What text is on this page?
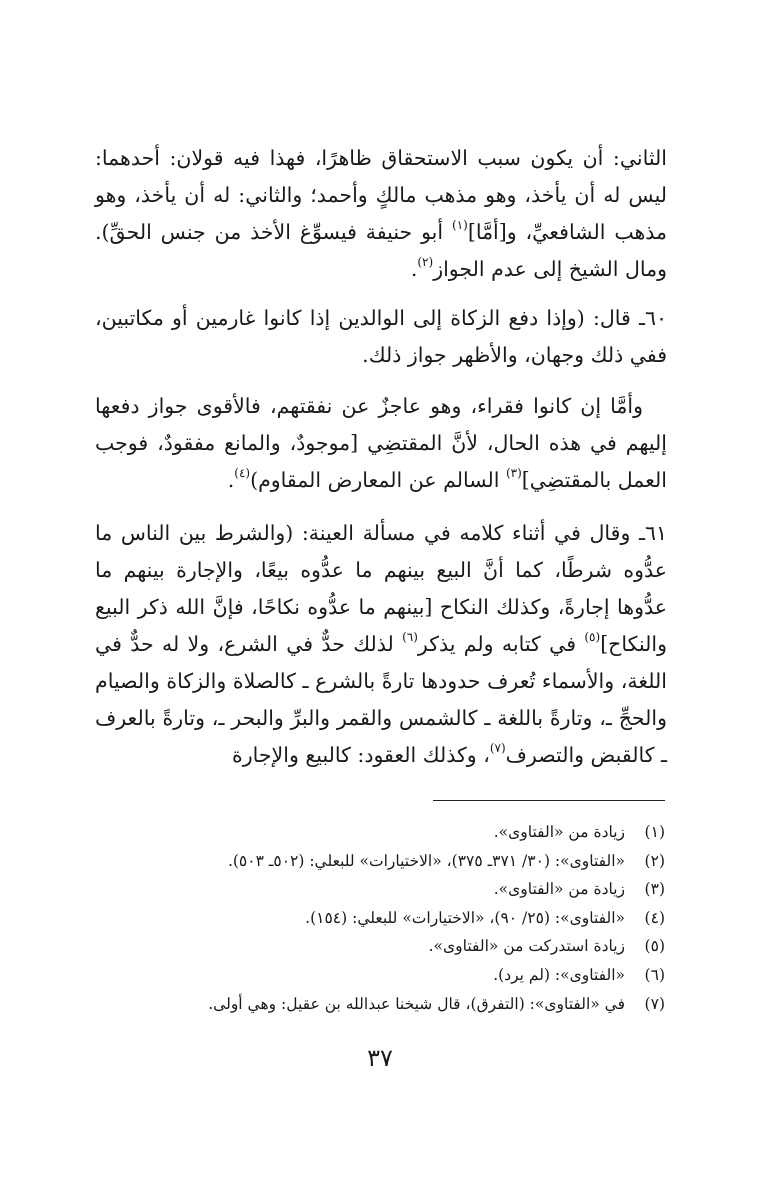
الثاني: أن يكون سبب الاستحقاق ظاهرًا، فهذا فيه قولان: أحدهما: ليس له أن يأخذ، وهو مذهب مالكٍ وأحمد؛ والثاني: له أن يأخذ، وهو مذهب الشافعيِّ، و[أمَّا]$^{(١)}$ أبو حنيفة فيسوِّغ الأخذ من جنس الحقِّ). ومال الشيخ إلى عدم الجواز$^{(٢)}$.

٦٠ـ قال: (وإذا دفع الزكاة إلى الوالدين إذا كانوا غارمين أو مكاتبين، ففي ذلك وجهان، والأظهر جواز ذلك.

وأمَّا إن كانوا فقراء، وهو عاجزٌ عن نفقتهم، فالأقوى جواز دفعها إليهم في هذه الحال، لأنَّ المقتضِي [موجودٌ، والمانع مفقودٌ، فوجب العمل بالمقتضِي]$^{(٣)}$ السالم عن المعارض المقاوم)$^{(٤)}$.

٦١ـ وقال في أثناء كلامه في مسألة العينة: (والشرط بين الناس ما عدُّوه شرطًا، كما أنَّ البيع بينهم ما عدُّوه بيعًا، والإجارة بينهم ما عدُّوها إجارةً، وكذلك النكاح [بينهم ما عدُّوه نكاحًا، فإنَّ الله ذكر البيع والنكاح]$^{(٥)}$ في كتابه ولم يذكر$^{(٦)}$ لذلك حدٌّ في الشرع، ولا له حدٌّ في اللغة، والأسماء تُعرف حدودها تارةً بالشرع ـ كالصلاة والزكاة والصيام والحجِّ ـ، وتارةً باللغة ـ كالشمس والقمر والبرِّ والبحر ـ، وتارةً بالعرف ـ كالقبض والتصرف$^{(٧)}$، وكذلك العقود: كالبيع والإجارة

(١)زيادة من «الفتاوى».
(٢)«الفتاوى»: (٣٠/ ٣٧١ـ ٣٧٥)، «الاختيارات» للبعلي: (٥٠٢ـ ٥٠٣).
(٣)زيادة من «الفتاوى».
(٤)«الفتاوى»: (٢٥/ ٩٠)، «الاختيارات» للبعلي: (١٥٤).
(٥)زيادة استدركت من «الفتاوى».
(٦)«الفتاوى»: (لم يرد).
(٧)في «الفتاوى»: (التفرق)، قال شيخنا عبدالله بن عقيل: وهي أولى.
٣٧
